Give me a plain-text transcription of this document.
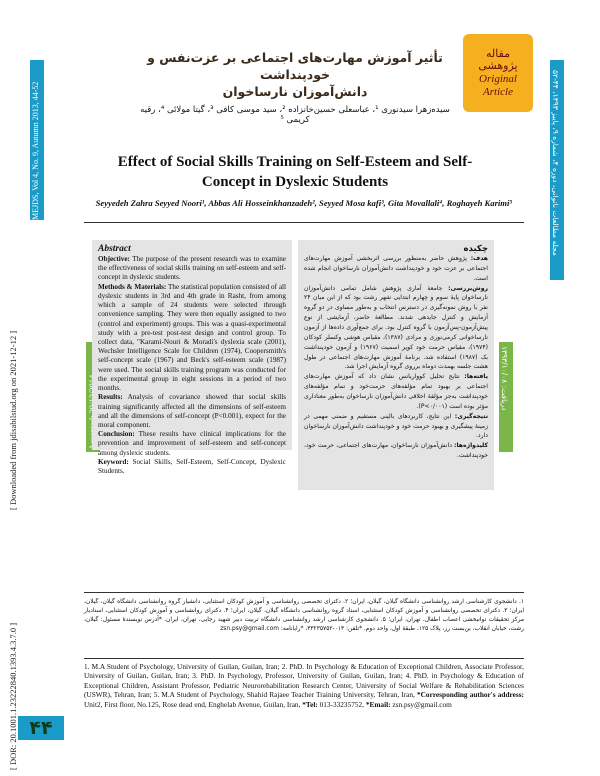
MEJDS, Vol 4, No. 9, Autumn 2013, 44-52
مجله مطالعات ناتوانی، دوره ۴، شماره ۹، پاییز ۱۳۹۳، ۴۴-۵۲
دریافت: ۱۳۹۳/۱۰/۰۸
[ Downloaded from jdisabilstud.org on 2021-12-12 ]
[ DOR: 20.1001.1.23222840.1393.4.3.7.0 ] ۴۴
مقاله
پژوهشی
Original
Article
تأثیر آموزش مهارت‌های اجتماعی بر عزت‌نفس و خودپنداشت
دانش‌آموزان نارساخوان
سیده‌زهرا سیدنوری ¹، عباسعلی حسین‌خانزاده ²، سید موسی کافی ³، گیتا مولائی ⁴، رقیه کریمی ⁵
Effect of Social Skills Training on Self-Esteem and Self-
Concept in Dyslexic Students
Seyyedeh Zahra Seyyed Noori¹, Abbas Ali Hosseinkhanzadeh², Seyyed Mosa kafi³, Gita Movallali⁴, Roghayeh Karimi⁵
Abstract
Objective: The purpose of the present research was to examine the effectiveness of social skills training on self-esteem and self-concept in dyslexic students.
Methods & Materials: The statistical population consisted of all dyslexic students in 3rd and 4th grade in Rasht, from among which a sample of 24 students were selected through convenience sampling. They were then equally assigned to two (control and experiment) groups. This was a quasi-experimental study with a pre-test post-test design and control group. To collect data, "Karami-Nouri & Moradi's dyslexia scale (2001), Wechsler Intelligence Scale for Children (1974), Coopersmith's self-concept scale (1967) and Beck's self-esteem scale (1987) were used. The social skills training program was conducted for the experimental group in eight sessions in a period of two months.
Results: Analysis of covariance showed that social skills training significantly affected all the dimensions of self-esteem and all the dimensions of self-concept (P<0.001), expect for the moral component.
Conclusion: These results have clinical implications for the prevention and improvement of self-esteem and self-concept among dyslexic students.
Keyword: Social Skills, Self-Esteem, Self-Concept, Dyslexic Students.
چکیده
هدف: پژوهش حاضر به‌منظور بررسی اثربخشی آموزش مهارت‌های اجتماعی بر عزت خود و خودپنداشت دانش‌آموزان نارساخوان انجام شده است.
روش‌بررسی: جامعهٔ آماری پژوهش شامل تمامی دانش‌آموزان نارساخوان پایهٔ سوم و چهارم ابتدایی شهر رشت بود که از این میان ۲۴ نفر با روش نمونه‌گیری در دسترس انتخاب و به‌طور مساوی در دو گروه آزمایش و کنترل جایدهی شدند. مطالعهٔ حاضر، آزمایشی از نوع پیش‌آزمون-پس‌آزمون با گروه کنترل بود. برای جمع‌آوری داده‌ها از آزمون نارساخوانی کرمی‌نوری و مرادی (۱۳۸۷)، مقیاس هوشی وکسلر کودکان (۱۹۷۴)، مقیاس حرمت خود کوپر اسمیت (۱۹۶۷) و آزمون خودپنداشت بک (۱۹۸۷) استفاده شد. برنامهٔ آموزش مهارت‌های اجتماعی در طول هشت جلسه بهمدت دوماه برروی گروه آزمایش اجرا شد.
یافته‌ها: نتایج تحلیل کوواریانس نشان داد که آموزش مهارت‌های اجتماعی بر بهبود تمام مؤلفه‌های حرمت‌خود و تمام مؤلفه‌های خودپنداشت به‌جز مؤلفهٔ اخلاقی دانش‌آموزان نارساخوان به‌طور معناداری مؤثر بوده است (P<۰/۰۰۱).
نتیجه‌گیری: این نتایج، کاربردهای بالینی مستقیم و ضمنی مهمی در زمینهٔ پیشگیری و بهبود حرمت خود و خودپنداشت دانش‌آموزان نارساخوان دارد.
کلیدواژه‌ها: دانش‌آموزان نارساخوان، مهارت‌های اجتماعی، حرمت خود، خودپنداشت.
۱. دانشجوی کارشناسی ارشد روانشناسی دانشگاه گیلان، گیلان، ایران؛ ۲. دکترای تخصصی روانشناسی و آموزش کودکان استثنایی، دانشیار گروه روانشناسی دانشگاه گیلان، گیلان، ایران؛ ۳. دکترای تخصصی روانشناسی و آموزش کودکان استثنایی، استاد گروه روانشناسی دانشگاه گیلان، گیلان، ایران؛ ۴. دکترای روانشناسی و آموزش کودکان استثنایی، استادیار مرکز تحقیقات توانبخشی اعصاب اطفال، تهران، ایران؛ ۵. دانشجوی کارشناسی ارشد روانشناسی دانشگاه تربیت دبیر شهید رجایی، تهران، ایران. *آدرس نویسندهٔ مسئول: گیلان، رشت، خیابان انقلاب، بن‌بست رز، پلاک ۱۲۵، طبقهٔ اول، واحد دوم. *تلفن: ۰۱۳-۳۳۲۳۵۷۵۲، *رایانامه: zsn.psy@gmail.com
1. M.A Student of Psychology, University of Guilan, Guilan, Iran; 2. PhD. In Psychology & Education of Exceptional Children, Associate Professor, University of Guilan, Guilan, Iran; 3. PhD. In Psychology, Professor, University of Guilan, Guilan, Iran; 4. PhD. in Psychology & Education of Exceptional Children, Assistant Professor, Pediatric Neurorehabilitation Research Center, University of Social Welfare & Rehabilitation Sciences (USWR), Tehran, Iran; 5. M.A Student of Psychology, Shahid Rajaee Teacher Training University, Tehran, Iran, *Corresponding author's address: Unit2, First floor, No.125, Rose dead end, Enghelab Avenue, Guilan, Iran, *Tel: 013-33235752, *Email: zsn.psy@gmail.com
